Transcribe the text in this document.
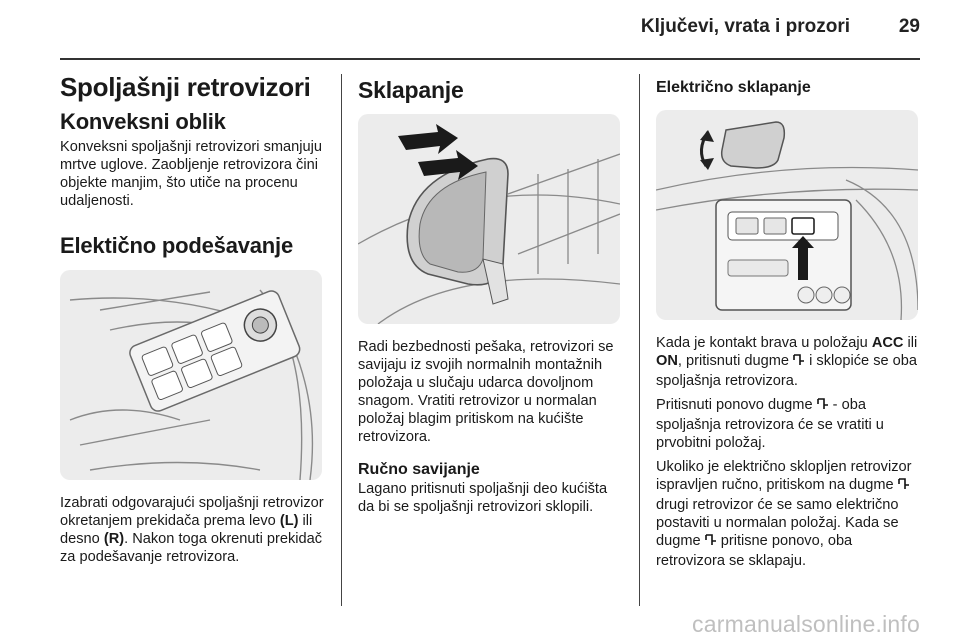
Ključevi, vrata i prozori	29
Spoljašnji retrovizori
Konveksni oblik

Konveksni spoljašnji retrovizori smanjuju mrtve uglove. Zaobljenje retrovizora čini objekte manjim, što utiče na procenu udaljenosti.

Elektično podešavanje

Izabrati odgovarajući spoljašnji retrovizor okretanjem prekidača prema levo (L) ili desno (R). Nakon toga okrenuti prekidač za podešavanje retrovizora.

Sklapanje

Radi bezbednosti pešaka, retrovizori se savijaju iz svojih normalnih montažnih položaja u slučaju udarca dovoljnom snagom. Vratiti retrovizor u normalan položaj blagim pritiskom na kućište retrovizora.

Ručno savijanje

Lagano pritisnuti spoljašnji deo kućišta da bi se spoljašnji retrovizori sklopili.

Električno sklapanje

Kada je kontakt brava u položaju ACC ili ON, pritisnuti dugme  i sklopiće se oba spoljašnja retrovizora.

Pritisnuti ponovo dugme  - oba spoljašnja retrovizora će se vratiti u prvobitni položaj.

Ukoliko je električno sklopljen retrovizor ispravljen ručno, pritiskom na dugme  drugi retrovizor će se samo električno postaviti u normalan položaj. Kada se dugme  pritisne ponovo, oba retrovizora se sklapaju.

carmanualsonline.info
